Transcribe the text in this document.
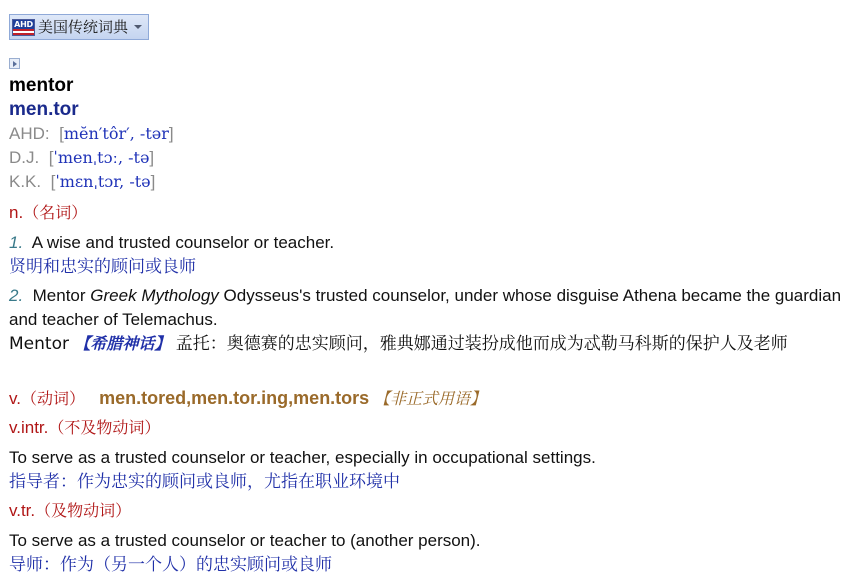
AHD 美国传统词典
mentor
men.tor
AHD: [mĕn′tôr′, -tər]
D.J. [ˈmenˌtɔː, -tə]
K.K. [ˈmɛnˌtɔr, -tə]
n.（名词）
1. A wise and trusted counselor or teacher.
贤明和忠实的顾问或良师
2. Mentor Greek Mythology Odysseus's trusted counselor, under whose disguise Athena became the guardian and teacher of Telemachus.
Mentor 【希腊神话】 孟托：奥德赛的忠实顾问，雅典娜通过装扮成他而成为忒勒马科斯的保护人及老师
v.（动词） men.tored,men.tor.ing,men.tors 【非正式用语】
v.intr.（不及物动词）
To serve as a trusted counselor or teacher, especially in occupational settings.
指导者：作为忠实的顾问或良师，尤指在职业环境中
v.tr.（及物动词）
To serve as a trusted counselor or teacher to (another person).
导师：作为（另一个人）的忠实顾问或良师
